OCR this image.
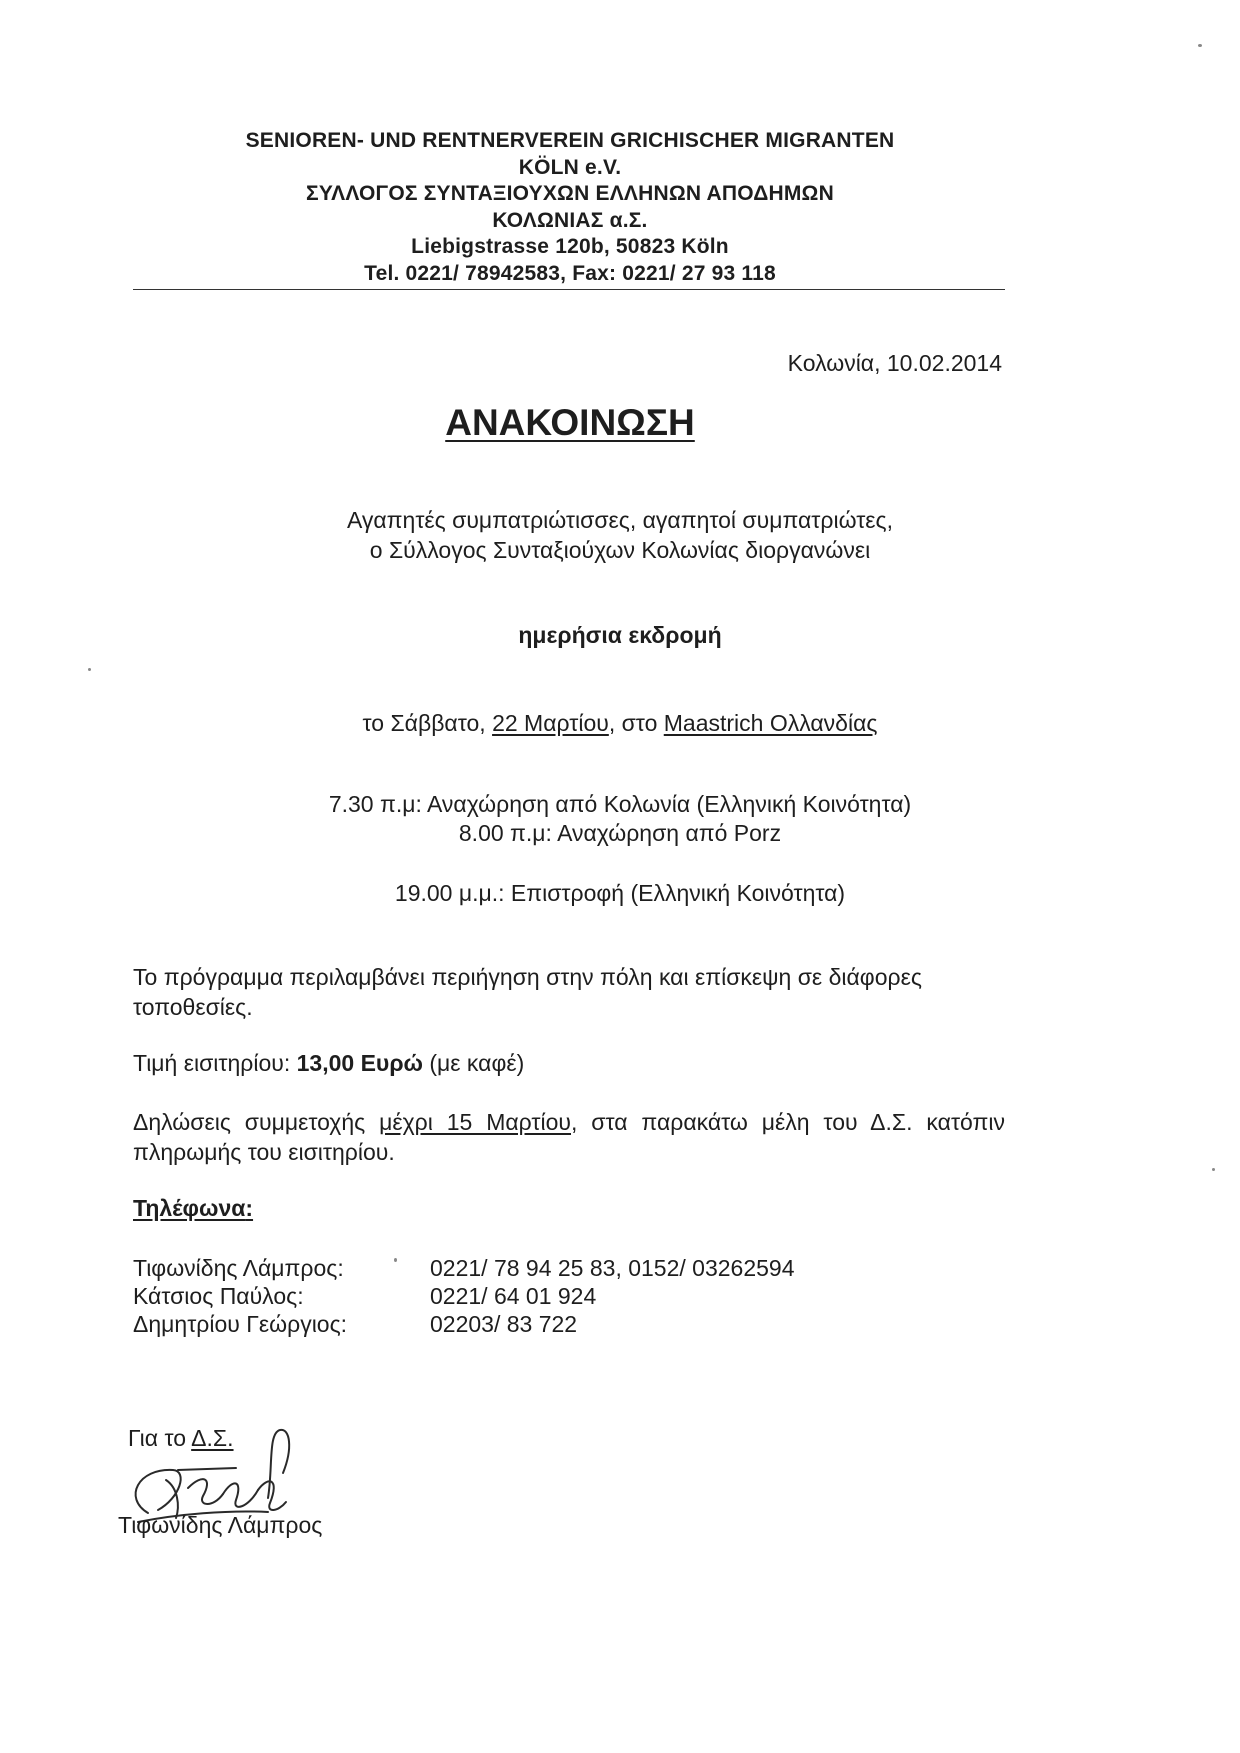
SENIOREN- UND RENTNERVEREIN GRICHISCHER MIGRANTEN
KÖLN e.V.
ΣΥΛΛΟΓΟΣ ΣΥΝΤΑΞΙΟΥΧΩΝ ΕΛΛΗΝΩΝ ΑΠΟΔΗΜΩΝ
ΚΟΛΩΝΙΑΣ α.Σ.
Liebigstrasse 120b, 50823 Köln
Tel. 0221/ 78942583, Fax: 0221/ 27 93 118
Κολωνία, 10.02.2014
ΑΝΑΚΟΙΝΩΣΗ
Αγαπητές συμπατριώτισσες, αγαπητοί συμπατριώτες,
ο Σύλλογος Συνταξιούχων Κολωνίας διοργανώνει
ημερήσια εκδρομή
το Σάββατο, 22 Μαρτίου, στο Maastrich Ολλανδίας
7.30 π.μ: Αναχώρηση από Κολωνία (Ελληνική Κοινότητα)
8.00 π.μ: Αναχώρηση από Porz
19.00 μ.μ.: Επιστροφή (Ελληνική Κοινότητα)
Το πρόγραμμα περιλαμβάνει περιήγηση στην πόλη και επίσκεψη σε διάφορες τοποθεσίες.
Τιμή εισιτηρίου: 13,00 Ευρώ (με καφέ)
Δηλώσεις συμμετοχής μέχρι 15 Μαρτίου, στα παρακάτω μέλη του Δ.Σ. κατόπιν πληρωμής του εισιτηρίου.
Τηλέφωνα:
Τιφωνίδης Λάμπρος:	0221/ 78 94 25 83, 0152/ 03262594
Κάτσιος Παύλος:	0221/ 64 01 924
Δημητρίου Γεώργιος:	02203/ 83 722
Για το Δ.Σ.
Τιφωνίδης Λάμπρος
